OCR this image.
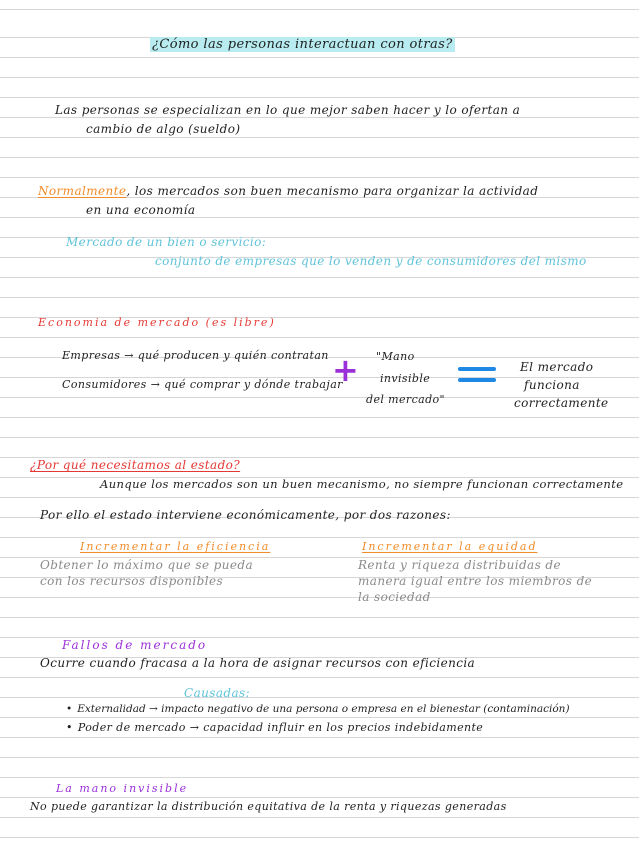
¿Cómo las personas interactuan con otras?
Las personas se especializan en lo que mejor saben hacer y lo ofertan a
cambio de algo (sueldo)
Normalmente, los mercados son buen mecanismo para organizar la actividad
en una economía
Mercado de un bien o servicio:
conjunto de empresas que lo venden y de consumidores del mismo
Economia de mercado (es libre)
Empresas → qué producen y quién contratan
Consumidores → qué comprar y dónde trabajar
+ "Mano
invisible
del mercado"
El mercado
funciona
correctamente
¿Por qué necesitamos al estado?
Aunque los mercados son un buen mecanismo, no siempre funcionan correctamente
Por ello el estado interviene económicamente, por dos razones:
Incrementar la eficiencia
Obtener lo máximo que se pueda
con los recursos disponibles
Incrementar la equidad
Renta y riqueza distribuidas de
manera igual entre los miembros de
la sociedad
Fallos de mercado
Ocurre cuando fracasa a la hora de asignar recursos con eficiencia
Causadas:
• Externalidad → impacto negativo de una persona o empresa en el bienestar (contaminación)
• Poder de mercado → capacidad influir en los precios indebidamente
La mano invisible
No puede garantizar la distribución equitativa de la renta y riquezas generadas
